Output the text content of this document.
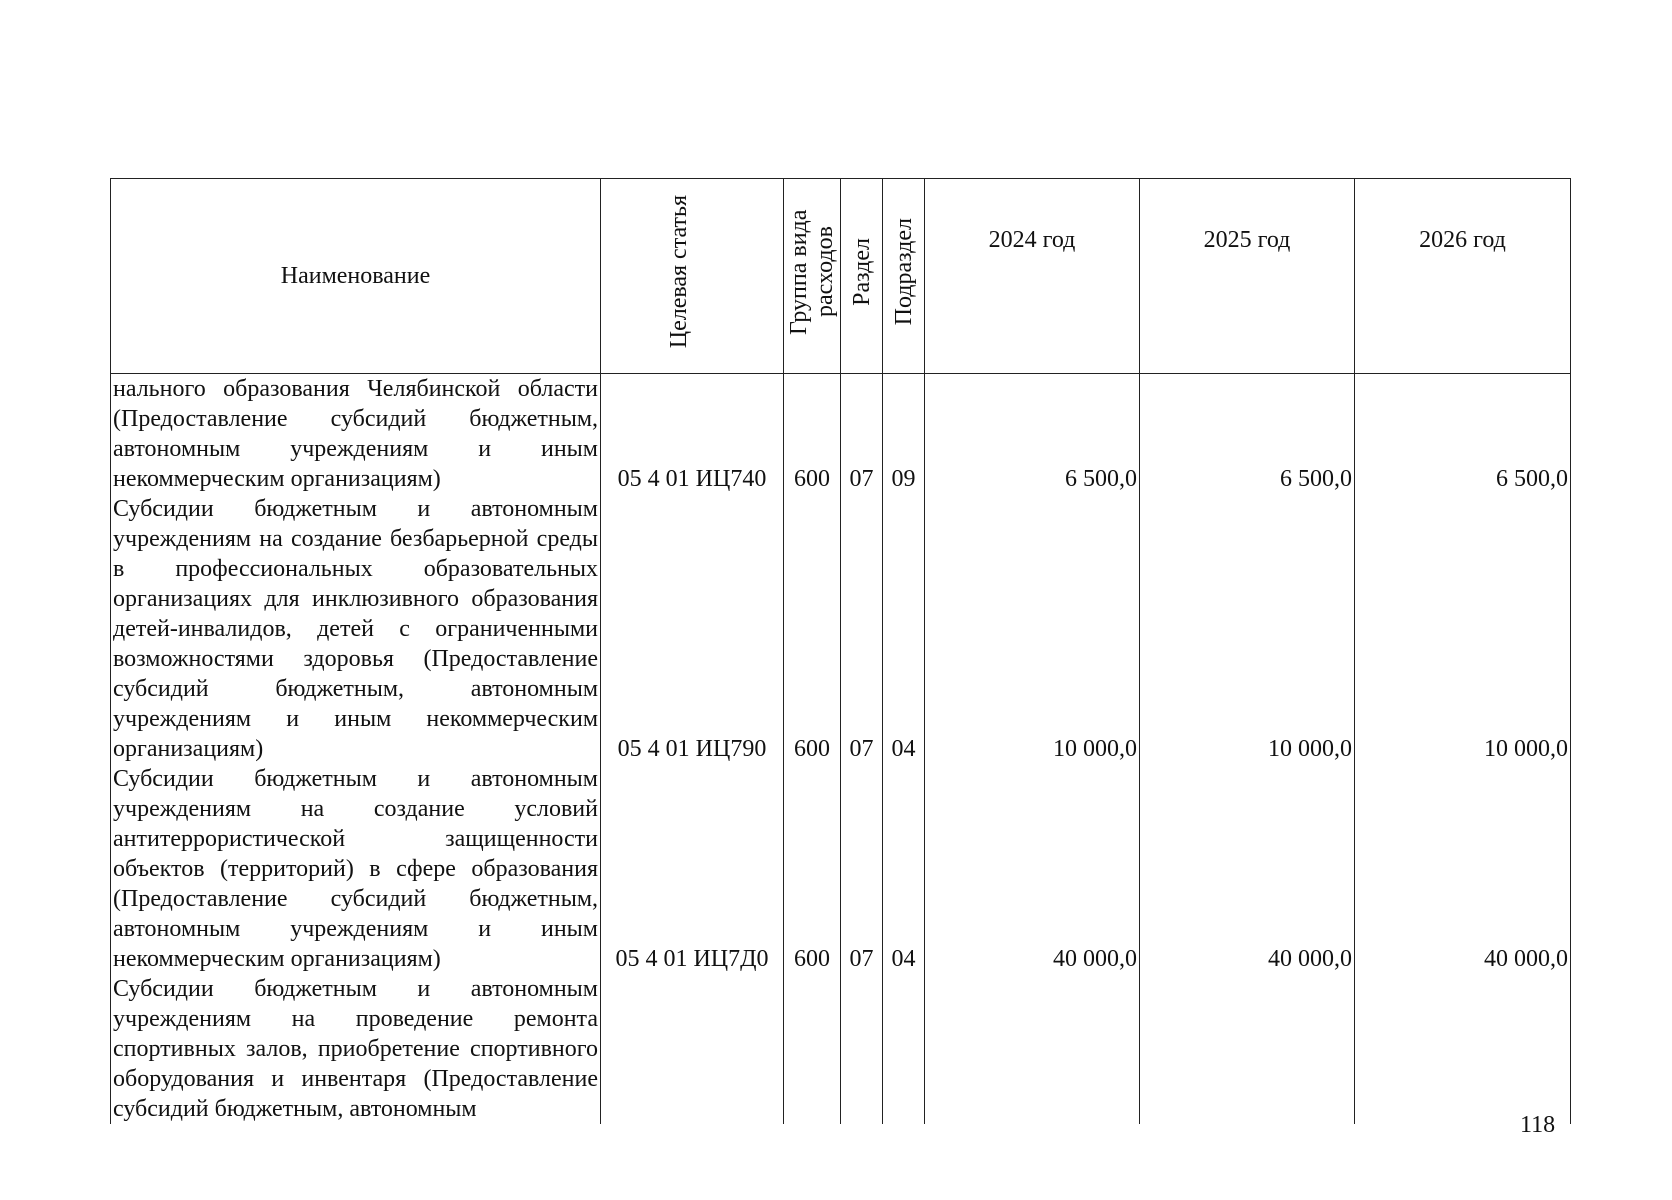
Наименование	Целевая статья	Группа вида расходов	Раздел	Подраздел	2024 год	2025 год	2026 год
нального образования Челябинской области (Предоставление субсидий бюджетным, автономным учреждениям и иным некоммерческим организациям)	05 4 01 ИЦ740	600	07	09	6 500,0	6 500,0	6 500,0
Субсидии бюджетным и автономным учреждениям на создание безбарьерной среды в профессиональных образовательных организациях для инклюзивного образования детей-инвалидов, детей с ограниченными возможностями здоровья (Предоставление субсидий бюджетным, автономным учреждениям и иным некоммерческим организациям)	05 4 01 ИЦ790	600	07	04	10 000,0	10 000,0	10 000,0
Субсидии бюджетным и автономным учреждениям на создание условий антитеррористической защищенности объектов (территорий) в сфере образования (Предоставление субсидий бюджетным, автономным учреждениям и иным некоммерческим организациям)	05 4 01 ИЦ7Д0	600	07	04	40 000,0	40 000,0	40 000,0
Субсидии бюджетным и автономным учреждениям на проведение ремонта спортивных залов, приобретение спортивного оборудования и инвентаря (Предоставление субсидий бюджетным, автономным							
118
